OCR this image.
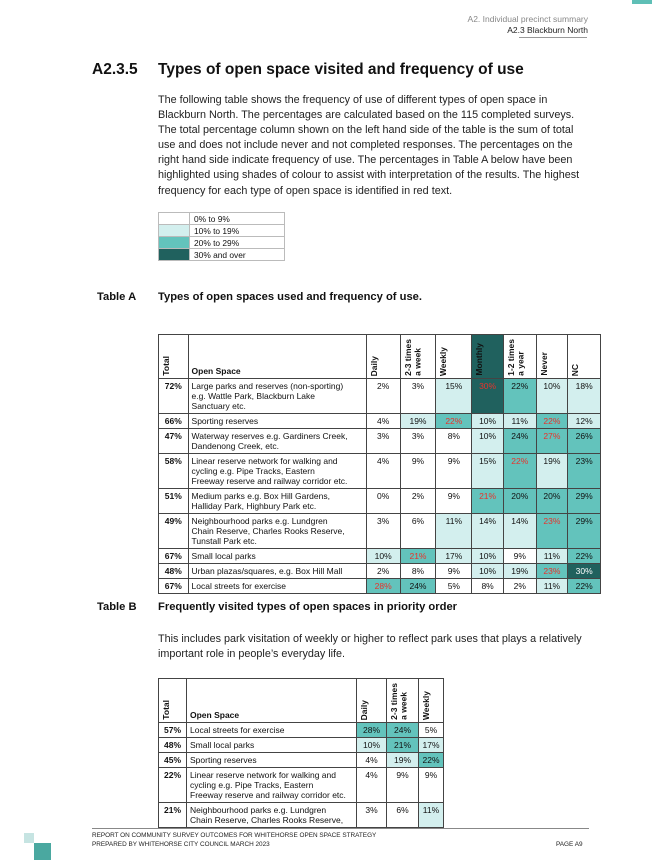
A2. Individual precinct summary
A2.3 Blackburn North
A2.3.5 Types of open space visited and frequency of use
The following table shows the frequency of use of different types of open space in
Blackburn North. The percentages are calculated based on the 115 completed surveys.
The total percentage column shown on the left hand side of the table is the sum of total
use and does not include never and not completed responses. The percentages on the
right hand side indicate frequency of use. The percentages in Table A below have been
highlighted using shades of colour to assist with interpretation of the results. The highest
frequency for each type of open space is identified in red text.
	0% to 9%
	10% to 19%
	20% to 29%
	30% and over
Table A Types of open spaces used and frequency of use.
Total	Open Space	Daily	2-3 times
a week	Weekly	Monthly	1-2 times
a year	Never	NC

72%	Large parks and reserves (non-sporting)
e.g. Wattle Park, Blackburn Lake
Sanctuary etc.	2%	3%	15%	30%	22%	10%	18%
66%	Sporting reserves	4%	19%	22%	10%	11%	22%	12%
47%	Waterway reserves e.g. Gardiners Creek,
Dandenong Creek, etc.	3%	3%	8%	10%	24%	27%	26%
58%	Linear reserve network for walking and
cycling e.g. Pipe Tracks, Eastern
Freeway reserve and railway corridor etc.	4%	9%	9%	15%	22%	19%	23%
51%	Medium parks e.g. Box Hill Gardens,
Halliday Park, Highbury Park etc.	0%	2%	9%	21%	20%	20%	29%
49%	Neighbourhood parks e.g. Lundgren
Chain Reserve, Charles Rooks Reserve,
Tunstall Park etc.	3%	6%	11%	14%	14%	23%	29%
67%	Small local parks	10%	21%	17%	10%	9%	11%	22%
48%	Urban plazas/squares, e.g. Box Hill Mall	2%	8%	9%	10%	19%	23%	30%
67%	Local streets for exercise	28%	24%	5%	8%	2%	11%	22%
Table B Frequently visited types of open spaces in priority order
This includes park visitation of weekly or higher to reflect park uses that plays a relatively
important role in people’s everyday life.
Total	Open Space	Daily	2-3 times
a week	Weekly

57%	Local streets for exercise	28%	24%	5%
48%	Small local parks	10%	21%	17%
45%	Sporting reserves	4%	19%	22%
22%	Linear reserve network for walking and
cycling e.g. Pipe Tracks, Eastern
Freeway reserve and railway corridor etc.	4%	9%	9%
21%	Neighbourhood parks e.g. Lundgren
Chain Reserve, Charles Rooks Reserve,	3%	6%	11%
REPORT ON COMMUNITY SURVEY OUTCOMES FOR WHITEHORSE OPEN SPACE STRATEGY
PREPARED BY WHITEHORSE CITY COUNCIL MARCH 2023	PAGE A9
